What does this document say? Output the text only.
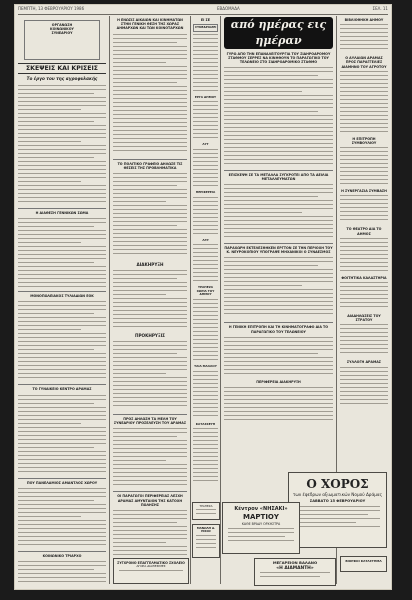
ΠΕΜΠΤΗ, 13 ΦΕΒΡΟΥΑΡΙΟΥ 1986	ΕΒΔΟΜΑΔΑ	ΣΕΛ. 11
ΟΡΓΑΝΩΣΗ
ΚΟΙΝΩΝΙΚΟΥ
ΣΥΝΕΔΡΙΟΥ
ΣΚΕΨΕΙΣ ΚΑΙ ΚΡΙΣΕΙΣ
Το έργο του της αγροφυλακής
Η ΔΙΑΘΕΣΗ ΓΕΝΝΙΚΩΝ ΣΩΜΑ
ΜΟΝΟΠΩΛΕΙΑΚΟΣ ΤΥΛΙΑΔΙΩΝ ΕΟΚ
ΤΟ ΓΥΝΑΙΚΕΙΟ ΚΕΝΤΡΟ ΔΡΑΜΑΣ
ΠΟΥ ΠΑΝΕΛΑΜΙΟΣ ΑΜΑΝΤΛΟΣ ΧΩΡΟΥ
ΚΟΙΝΩΝΙΚΟ ΤΡΙΑΡΧΟ
Η ΕΝΩΣΙΣ ΔΙΚΑΙΩΝ ΚΑΙ ΚΙΝΗΜΑΤΩΝ ΣΤΗΝ ΓΕΝΙΚΗ ΘΕΣΗ ΤΗΣ ΧΩΡΑΣ ΔΗΜΑΡΧΩΝ ΚΑΙ ΤΩΝ ΚΟΙΝΟΤΑΡΧΩΝ
ΤΟ ΠΟΛΙΤΙΚΟ ΓΡΑΦΕΙΟ ΔΗΛΩΣΕ ΤΙΣ ΘΕΣΕΙΣ ΤΗΣ ΠΡΟΒΛΗΜΑΤΙΚΑ
ΔΙΑΚΗΡΥΞΗ
ΠΡΟΚΗΡΥΞΙΣ
ΠΡΟΣ ΔΗΛΩΣΗ ΤΑ ΜΕΛΗ ΤΟΥ ΣΥΝΕΔΡΙΟΥ ΠΡΟΣΕΛΕΥΣΗ ΤΟΥ ΔΡΑΜΑΣ
ΟΙ ΠΑΡΑΓΩΓΟΙ ΠΕΡΙΦΕΡΕΙΑΣ ΛΕΣΧΗ ΔΡΑΜΑΣ ΑΜΥΝΤΑΙΟΝ ΤΗΣ ΚΑΤΟΧΗ ΠΩΛΗΣΗΣ
ΕΙ ΣΕ
ΣΥΝΕΔΡΙΑΖΕΙ
ΕΡΓΑ ΔΗΜΟΥ
ΑΥΓ
ΠΕΡΙΦΕΡΕΙΑ
ΑΓΡ
ΤΡΑΠΕΖΑ ΧΩΡΙΑ ΤΟΥ ΔΗΜΟΥ
ΤΑΙΑ ΜΑΛΛΟΥ
ΚΑΤΑΣΚΕΥΗ
από ημέρας εις ημέραν
ΓΥΡΩ ΑΠΟ ΤΗΝ ΕΠΑΝΑΛΕΙΤΟΥΡΓΙΑ ΤΟΥ ΣΙΔΗΡΟΔΡΟΜΟΥ ΣΤΑΘΜΟΥ ΣΕΡΡΕΣ ΝΑ ΚΙΝΗΘΟΥΝ ΤΟ ΠΑΡΑΓΩΓΙΚΟ ΤΟΥ ΤΕΛΩΝΕΙΟ ΣΤΟ ΣΙΔΗΡΟΔΡΟΜΙΚΟ ΣΤΑΘΜΟ
ΕΠΙΣΚΕΨΗ ΣΕ ΤΑ ΜΕΤΑΛΛΑ ΣΥΓΚΡΟΤΕΙ ΑΠΟ ΤΑ ΔΕΙΛΙΑ ΜΕΤΑΛΛΕΥΜΑΤΩΝ
ΠΑΡΑΧΩΡΗ ΕΚΤΕΛΕΣΘΗΚΕΝ ΕΡΓΤΟΝ ΣΕ ΤΗΝ ΠΕΡΙΟΧΗ ΤΟΥ Κ. ΝΕΥΡΟΚΟΠΙΟΥ ΥΠΟΓΡΑΨΕ ΜΗΧΑΝΙΚΟΙ Ο ΣΥΝΔΕΣΜΟΣ
Η ΓΕΝΙΚΗ ΕΠΙΤΡΟΠΗ ΚΑΙ ΤΗ ΚΙΝΗΜΑΤΟΓΡΑΦΟ ΔΙΑ ΤΟ ΠΑΡΑΓΩΓΙΚΟ ΤΟΥ ΤΕΛΩΝΕΙΟΥ
ΠΕΡΙΦΕΡΕΙΑ ΔΙΑΚΗΡΥΞΗ
ΒΙΒΛΙΟΘΗΚΗ ΔΗΜΟΥ
Ο ΑΥΛΑΙΩΝ ΔΡΑΜΑΣ ΠΡΟΣ ΠΑΡΑΓΓΕΛΙΕΣ ΔΙΑΜΗΝΟ ΤΟΥ ΑΓΡΟΤΟΥ
Η ΕΠΙΤΡΟΠΗ ΣΥΜΒΟΥΛΙΟΥ
Η ΣΥΝΕΡΓΑΣΙΑ ΣΥΜΒΑΣΗ
ΤΟ ΘΕΑΤΡΟ ΔΙΑ ΤΟ ΔΗΜΟΣ
ΦΟΙΤΗΤΙΚΑ ΚΑΛΑΣΤΗΡΙΑ
ΔΙΑΔΗΛΩΣΕΙΣ ΤΟΥ ΣΤΡΑΤΟΥ
ΣΥΛΛΟΓΗ ΔΡΑΜΑΣ
Ο ΧΟΡΟΣ
των έφεδρων αξιωματικών Νομού Δράμας
ΣΑΒΒΑΤΟ 15 ΦΕΒΡΟΥΑΡΙΟΥ
Κέντρον «ΝΗΣΑΚΙ»
ΜΑΡΤΙΟΥ
ΚΑΘΕ ΒΡΑΔΥ ΟΡΧΗΣΤΡΑ
ΜΕΓΑΡΕΙΟΝ ΒΑΛΑΝΟ
«Η ΔΙΑΜΑΝΤΗ»
ΜΑΝΩΛΗ Δ. ΠΙΚΟΣ
ΤΡΑΠΕΖΑ
ΣΥΓΧΡΟΝΟ ΕΠΑΓΓΕΛΜΑΤΙΚΟ ΣΧΟΛΕΙΟ
ΑΓΟΡΑ ΔΙΑΘΕΣΙΜΕΣ
ΒΙΟΡΦΟΙ ΚΑΤΑΣΤΗΜΑ
